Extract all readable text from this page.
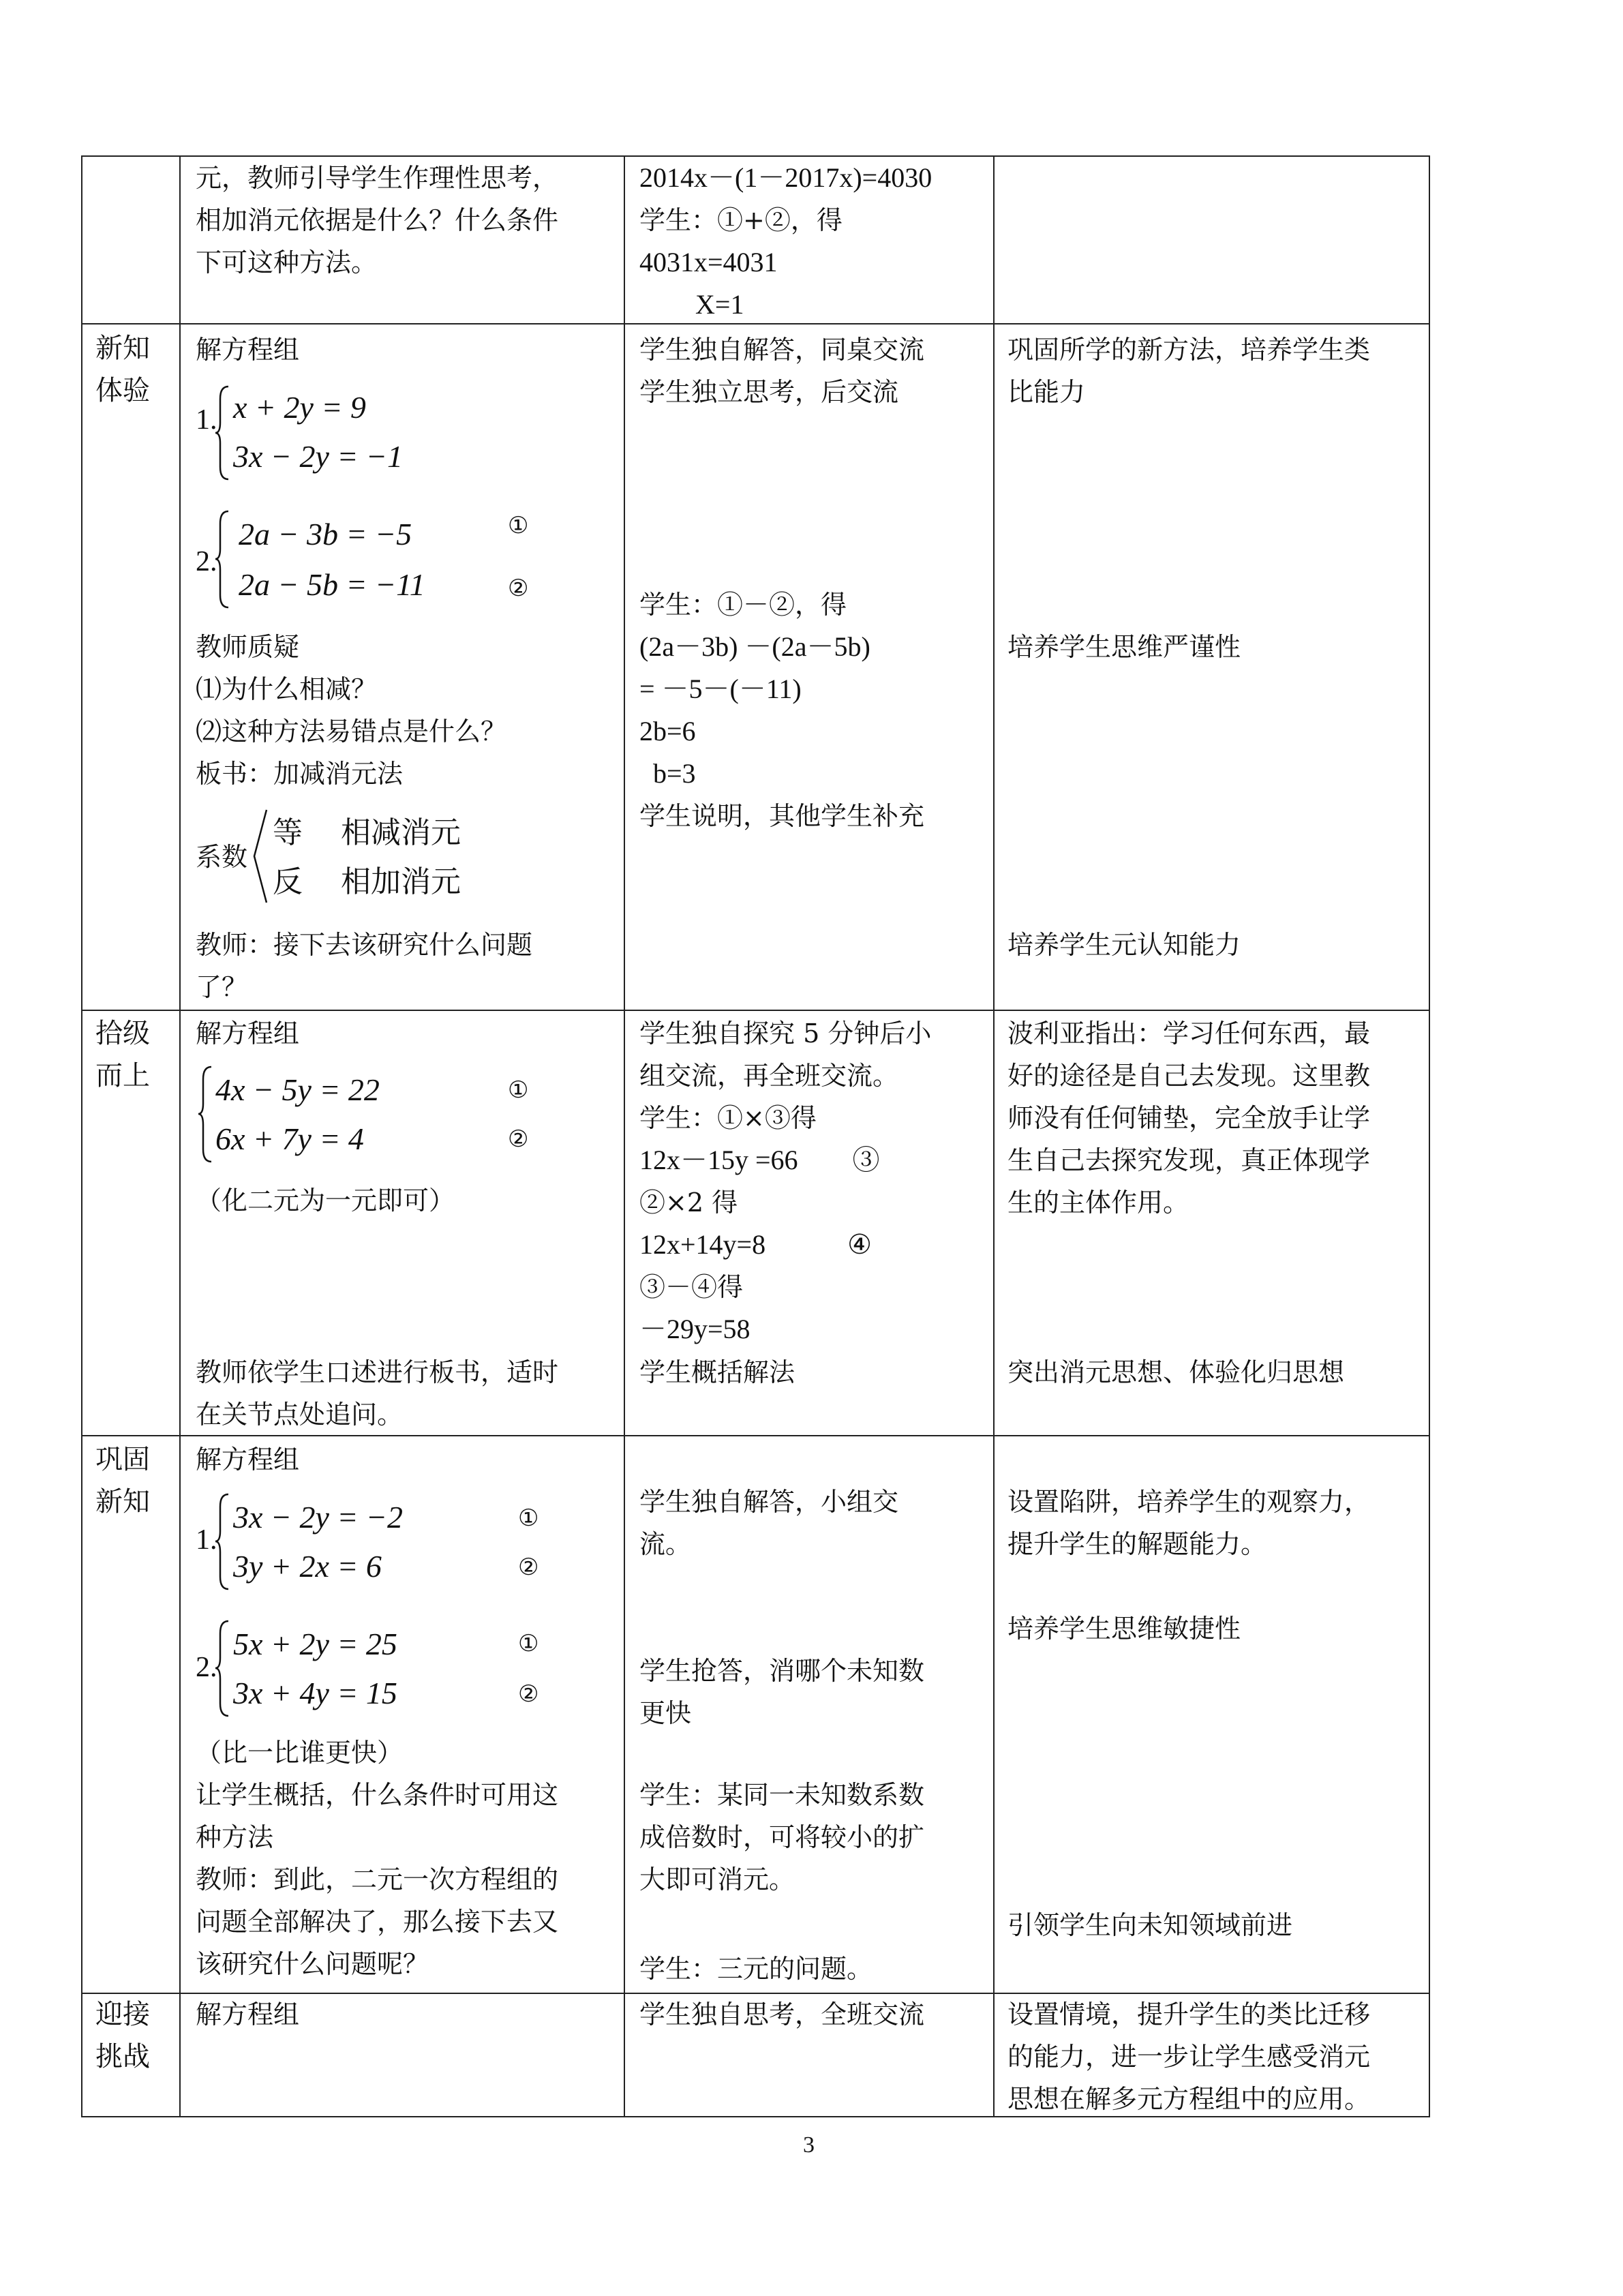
元，教师引导学生作理性思考，
相加消元依据是什么？什么条件
下可这种方法。
2014x－(1－2017x)=4030
学生：①+②，得
4031x=4031
X=1
新知
体验
解方程组
1. x + 2y = 9
3x − 2y = −1
2.
2a − 3b = −5
2a − 5b = −11
①
②
教师质疑
⑴为什么相减？
⑵这种方法易错点是什么？
板书：加减消元法
系数
等    相减消元
反    相加消元
教师：接下去该研究什么问题
了？
学生独自解答，同桌交流
学生独立思考，后交流
学生：①－②，得
(2a－3b) －(2a－5b)
= －5－(－11)
2b=6
b=3
学生说明，其他学生补充
巩固所学的新方法，培养学生类
比能力
培养学生思维严谨性
培养学生元认知能力
拾级
而上
解方程组
4x − 5y = 22
6x + 7y = 4
①
②
（化二元为一元即可）
教师依学生口述进行板书，适时
在关节点处追问。
学生独自探究 5 分钟后小
组交流，再全班交流。
学生：①×③得
12x－15y =66        ③
②×2 得
12x+14y=8            ④
③－④得
－29y=58
学生概括解法
波利亚指出：学习任何东西，最
好的途径是自己去发现。这里教
师没有任何铺垫，完全放手让学
生自己去探究发现，真正体现学
生的主体作用。
突出消元思想、体验化归思想
巩固
新知
解方程组
1.
3x − 2y = −2
3y + 2x = 6
①
②
2.
5x + 2y = 25
3x + 4y = 15
①
②
（比一比谁更快）
让学生概括，什么条件时可用这
种方法
教师：到此，二元一次方程组的
问题全部解决了，那么接下去又
该研究什么问题呢？
学生独自解答，小组交
流。
学生抢答，消哪个未知数
更快
学生：某同一未知数系数
成倍数时，可将较小的扩
大即可消元。
学生：三元的问题。
设置陷阱，培养学生的观察力，
提升学生的解题能力。
培养学生思维敏捷性
引领学生向未知领域前进
迎接
挑战
解方程组	学生独自思考，全班交流	设置情境，提升学生的类比迁移
的能力，进一步让学生感受消元
思想在解多元方程组中的应用。
3
